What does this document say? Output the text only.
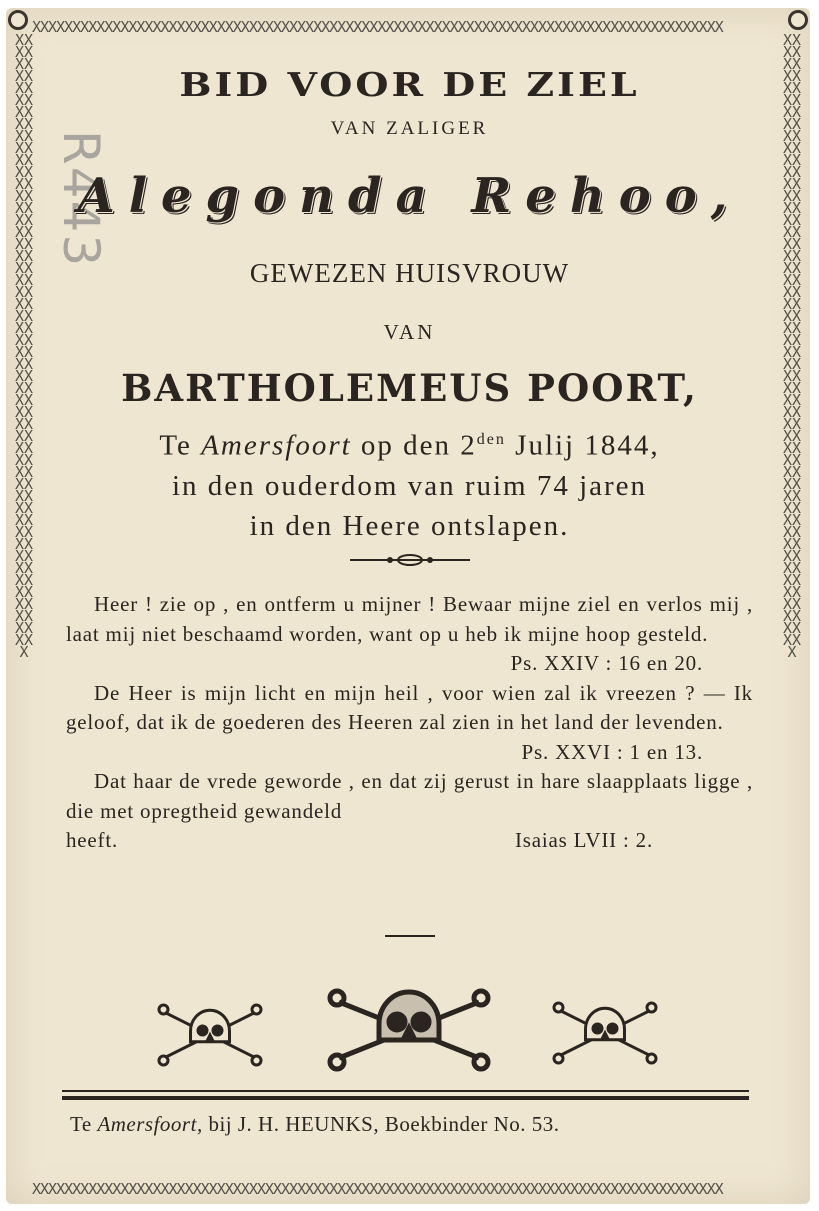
XXXXXXXXXXXXXXXXXXXXXXXXXXXXXXXXXXXXXXXXXXXXXXXXXXXXXXXXXXXXXXXXXXXXXXXXXXXXXXXXXXXXXX
XXXXXXXXXXXXXXXXXXXXXXXXXXXXXXXXXXXXXXXXXXXXXXXXXXXXXXXXXXXXXXXXXXXXXXXXXXXXXXXXXXXXXX
XXXXXXXXXXXXXXXXXXXXXXXXXXXXXXXXXXXXXXXXXXXXXXXXXXXXXXXXXXXXXXXXXXXXXXXXXXXXXXXXXXXXXXXXXXXXXXXXXXXXXXX
XXXXXXXXXXXXXXXXXXXXXXXXXXXXXXXXXXXXXXXXXXXXXXXXXXXXXXXXXXXXXXXXXXXXXXXXXXXXXXXXXXXXXXXXXXXXXXXXXXXXXXX
R443
BID VOOR DE ZIEL
VAN ZALIGER
Alegonda Rehoo,
GEWEZEN HUISVROUW
VAN
BARTHOLEMEUS POORT,
Te Amersfoort op den $2^{den}$ Julij 1844,
in den ouderdom van ruim 74 jaren
in den Heere ontslapen.

Heer ! zie op , en ontferm u mijner ! Bewaar mijne ziel en verlos mij , laat mij niet beschaamd worden, want op u heb ik mijne hoop gesteld.

Ps. XXIV : 16 en 20.

De Heer is mijn licht en mijn heil , voor wien zal ik vreezen ? — Ik geloof, dat ik de goederen des Heeren zal zien in het land der levenden.

Ps. XXVI : 1 en 13.

Dat haar de vrede geworde , en dat zij gerust in hare slaapplaats ligge , die met opregtheid gewandeld

heeft.	Isaias LVII : 2.
Te Amersfoort, bij J. H. HEUNKS, Boekbinder No. 53.
